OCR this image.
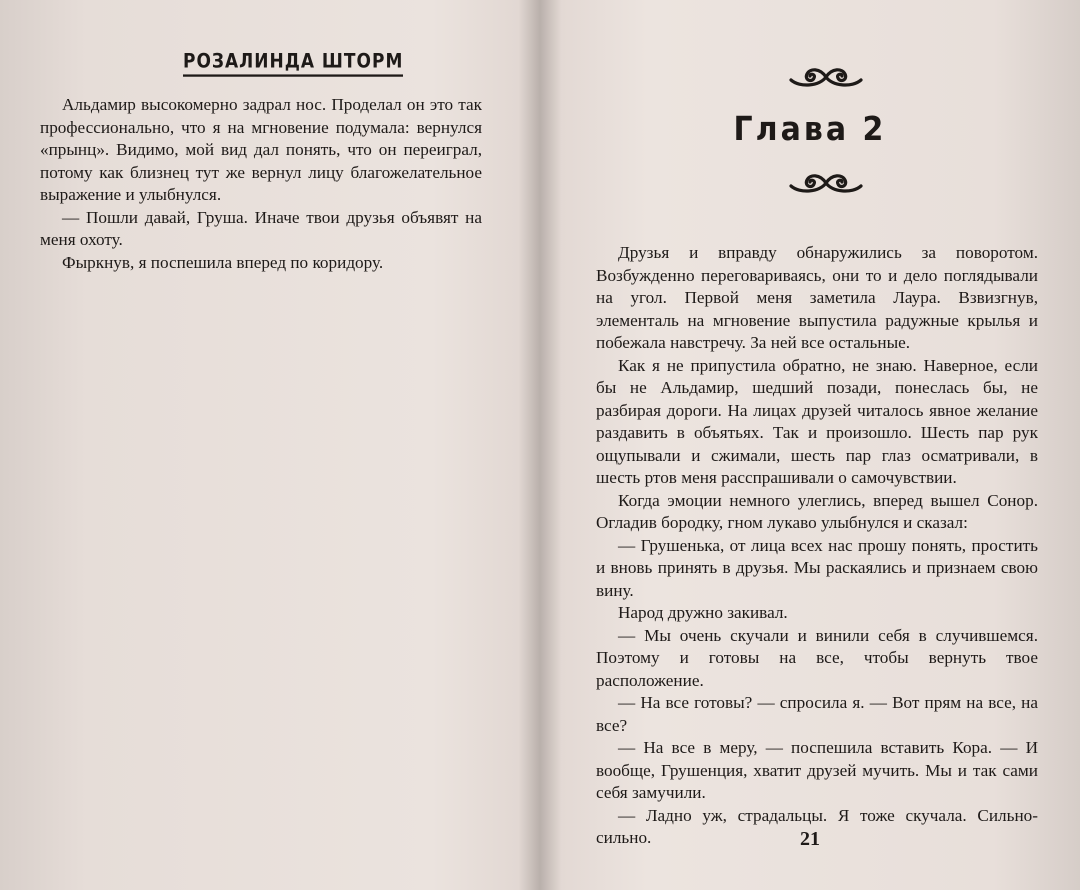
РОЗАЛИНДА ШТОРМ

Альдамир высокомерно задрал нос. Проделал он это так профессионально, что я на мгновение подумала: вернулся «прынц». Видимо, мой вид дал понять, что он переиграл, потому как близнец тут же вернул лицу благожелательное выражение и улыбнулся.

— Пошли давай, Груша. Иначе твои друзья объявят на меня охоту.

Фыркнув, я поспешила вперед по коридору.

Глава 2

Друзья и вправду обнаружились за поворотом. Возбужденно переговариваясь, они то и дело поглядывали на угол. Первой меня заметила Лаура. Взвизгнув, элементаль на мгновение выпустила радужные крылья и побежала навстречу. За ней все остальные.

Как я не припустила обратно, не знаю. Наверное, если бы не Альдамир, шедший позади, понеслась бы, не разбирая дороги. На лицах друзей читалось явное желание раздавить в объятьях. Так и произошло. Шесть пар рук ощупывали и сжимали, шесть пар глаз осматривали, в шесть ртов меня расспрашивали о самочувствии.

Когда эмоции немного улеглись, вперед вышел Сонор. Огладив бородку, гном лукаво улыбнулся и сказал:

— Грушенька, от лица всех нас прошу понять, простить и вновь принять в друзья. Мы раскаялись и признаем свою вину.

Народ дружно закивал.

— Мы очень скучали и винили себя в случившемся. Поэтому и готовы на все, чтобы вернуть твое расположение.

— На все готовы? — спросила я. — Вот прям на все, на все?

— На все в меру, — поспешила вставить Кора. — И вообще, Грушенция, хватит друзей мучить. Мы и так сами себя замучили.

— Ладно уж, страдальцы. Я тоже скучала. Сильно-сильно.	21
